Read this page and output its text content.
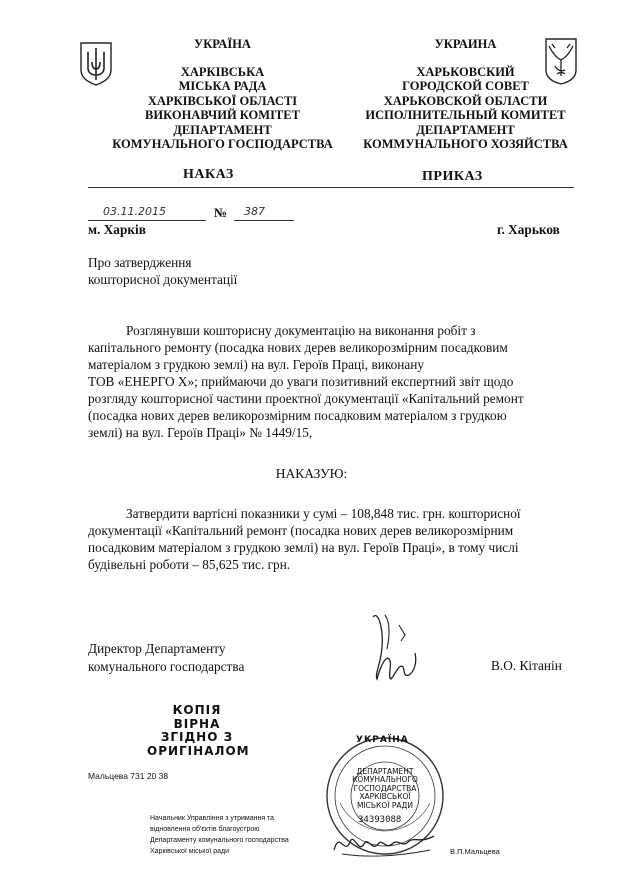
УКРАЇНА
ХАРКІВСЬКА
МІСЬКА РАДА
ХАРКІВСЬКОЇ ОБЛАСТІ
ВИКОНАВЧИЙ КОМІТЕТ
ДЕПАРТАМЕНТ
КОМУНАЛЬНОГО ГОСПОДАРСТВА
УКРАИНА
ХАРЬКОВСКИЙ
ГОРОДСКОЙ СОВЕТ
ХАРЬКОВСКОЙ ОБЛАСТИ
ИСПОЛНИТЕЛЬНЫЙ КОМИТЕТ
ДЕПАРТАМЕНТ
КОММУНАЛЬНОГО ХОЗЯЙСТВА
НАКАЗ	ПРИКАЗ
03.11.2015	№ 387
м. Харків	г. Харьков
Про затвердження
кошторисної документації
Розглянувши кошторисну документацію на виконання робіт з
капітального ремонту (посадка нових дерев великорозмірним посадковим
матеріалом з грудкою землі) на вул. Героїв Праці, виконану
ТОВ «ЕНЕРГО Х»; приймаючи до уваги позитивний експертний звіт щодо
розгляду кошторисної частини проектної документації «Капітальний ремонт
(посадка нових дерев великорозмірним посадковим матеріалом з грудкою
землі) на вул. Героїв Праці» № 1449/15,
НАКАЗУЮ:
Затвердити вартісні показники у сумі – 108,848 тис. грн. кошторисної
документації «Капітальний ремонт (посадка нових дерев великорозмірним
посадковим матеріалом з грудкою землі) на вул. Героїв Праці», в тому числі
будівельні роботи – 85,625 тис. грн.
Директор Департаменту
комунального господарства	В.О. Кітанін
КОПІЯ ВІРНА
ЗГІДНО З
ОРИГІНАЛОМ
Мальцева 731 20 38
УКРАЇНА
ДЕПАРТАМЕНТ
КОМУНАЛЬНОГО
ГОСПОДАРСТВА
ХАРКІВСЬКОЇ
МІСЬКОЇ РАДИ
34393088
Начальник Управління з утримання та
відновлення об'єктів благоустрою
Департаменту комунального господарства
Харківської міської ради	В.П.Мальцева
